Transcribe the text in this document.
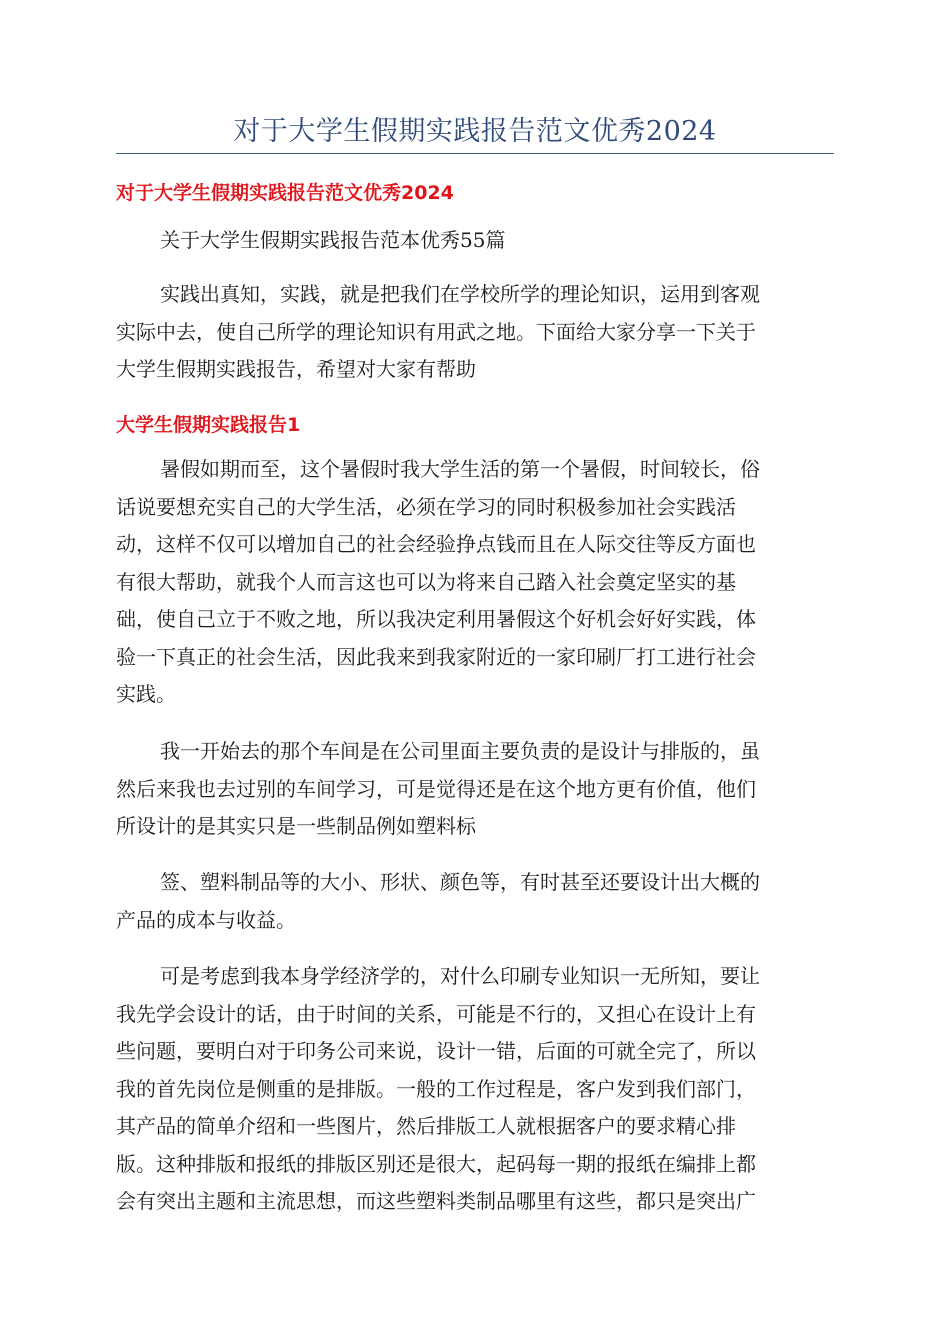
对于大学生假期实践报告范文优秀2024
对于大学生假期实践报告范文优秀2024
关于大学生假期实践报告范本优秀55篇
实践出真知，实践，就是把我们在学校所学的理论知识，运用到客观
实际中去，使自己所学的理论知识有用武之地。下面给大家分享一下关于
大学生假期实践报告，希望对大家有帮助
大学生假期实践报告1
暑假如期而至，这个暑假时我大学生活的第一个暑假，时间较长，俗
话说要想充实自己的大学生活，必须在学习的同时积极参加社会实践活
动，这样不仅可以增加自己的社会经验挣点钱而且在人际交往等反方面也
有很大帮助，就我个人而言这也可以为将来自己踏入社会奠定坚实的基
础，使自己立于不败之地，所以我决定利用暑假这个好机会好好实践，体
验一下真正的社会生活，因此我来到我家附近的一家印刷厂打工进行社会
实践。
我一开始去的那个车间是在公司里面主要负责的是设计与排版的，虽
然后来我也去过别的车间学习，可是觉得还是在这个地方更有价值，他们
所设计的是其实只是一些制品例如塑料标
签、塑料制品等的大小、形状、颜色等，有时甚至还要设计出大概的
产品的成本与收益。
可是考虑到我本身学经济学的，对什么印刷专业知识一无所知，要让
我先学会设计的话，由于时间的关系，可能是不行的，又担心在设计上有
些问题，要明白对于印务公司来说，设计一错，后面的可就全完了，所以
我的首先岗位是侧重的是排版。一般的工作过程是，客户发到我们部门，
其产品的简单介绍和一些图片，然后排版工人就根据客户的要求精心排
版。这种排版和报纸的排版区别还是很大，起码每一期的报纸在编排上都
会有突出主题和主流思想，而这些塑料类制品哪里有这些，都只是突出广
